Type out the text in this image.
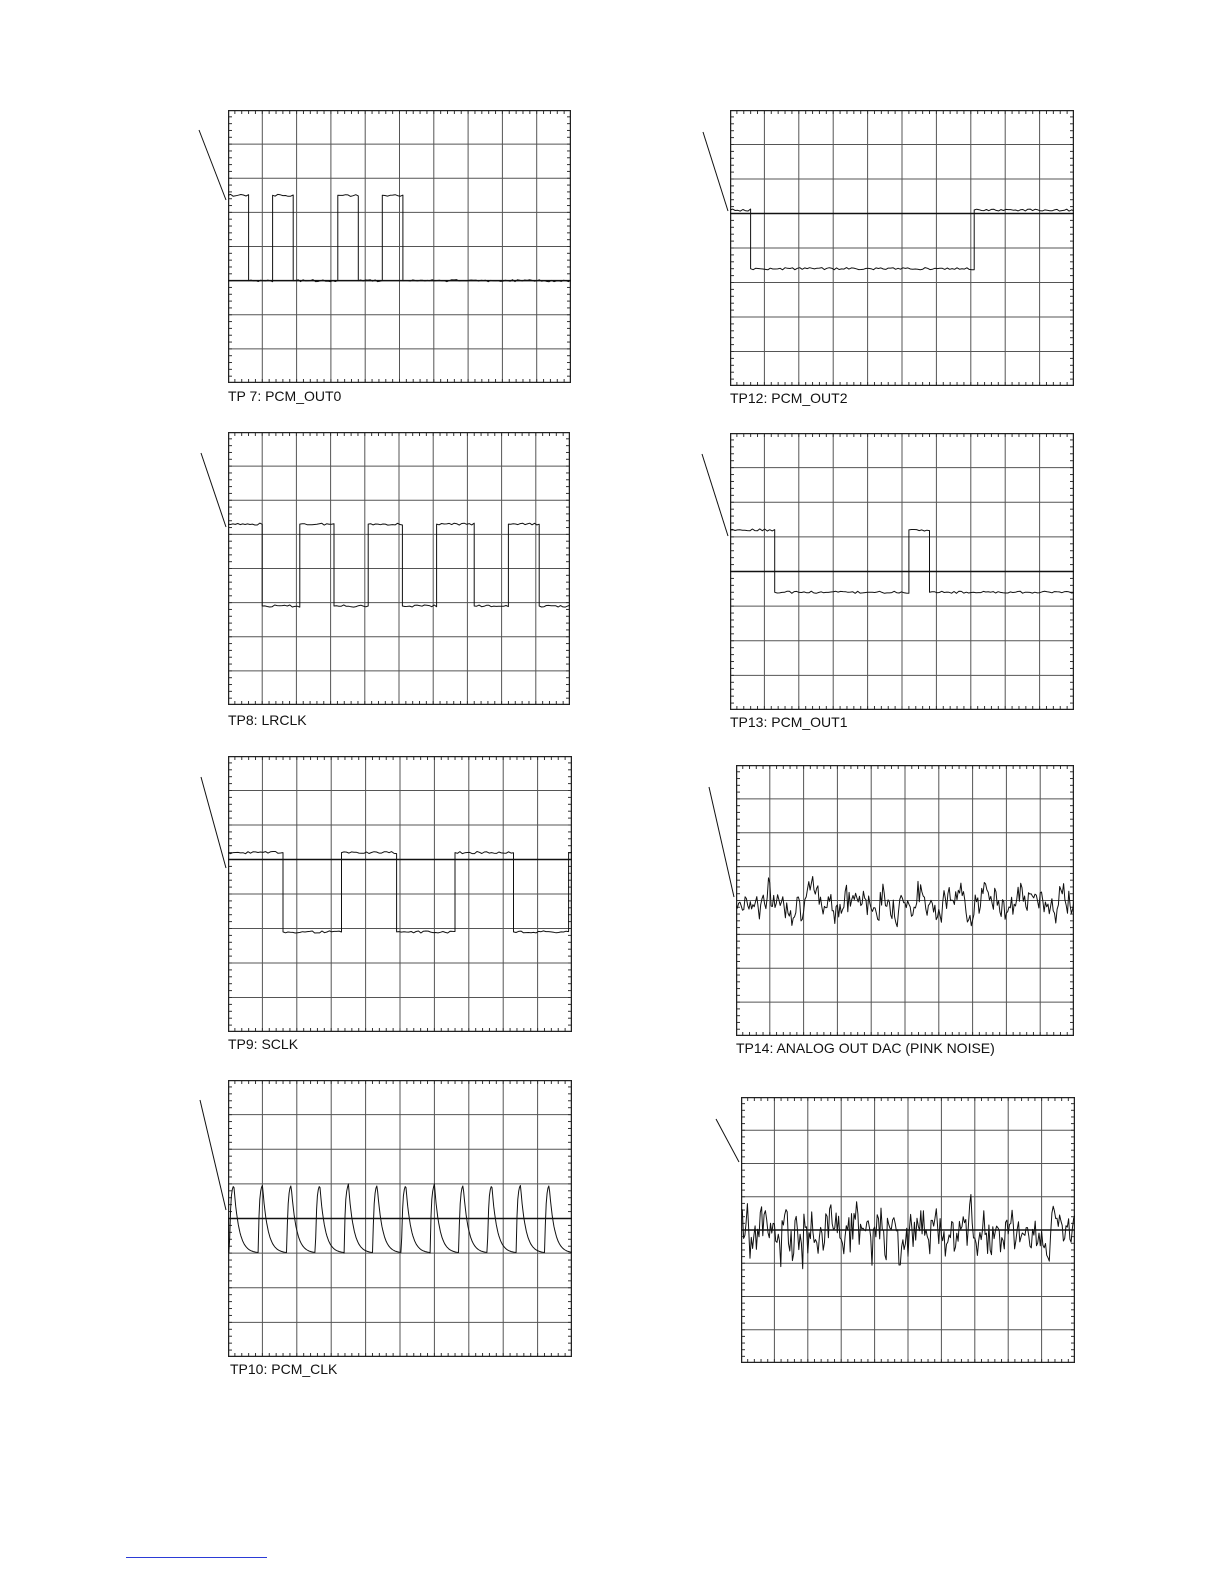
TP 7: PCM_OUT0	TP12: PCM_OUT2
TP8: LRCLK	TP13: PCM_OUT1
TP9: SCLK	TP14: ANALOG OUT DAC (PINK NOISE)
TP10: PCM_CLK
